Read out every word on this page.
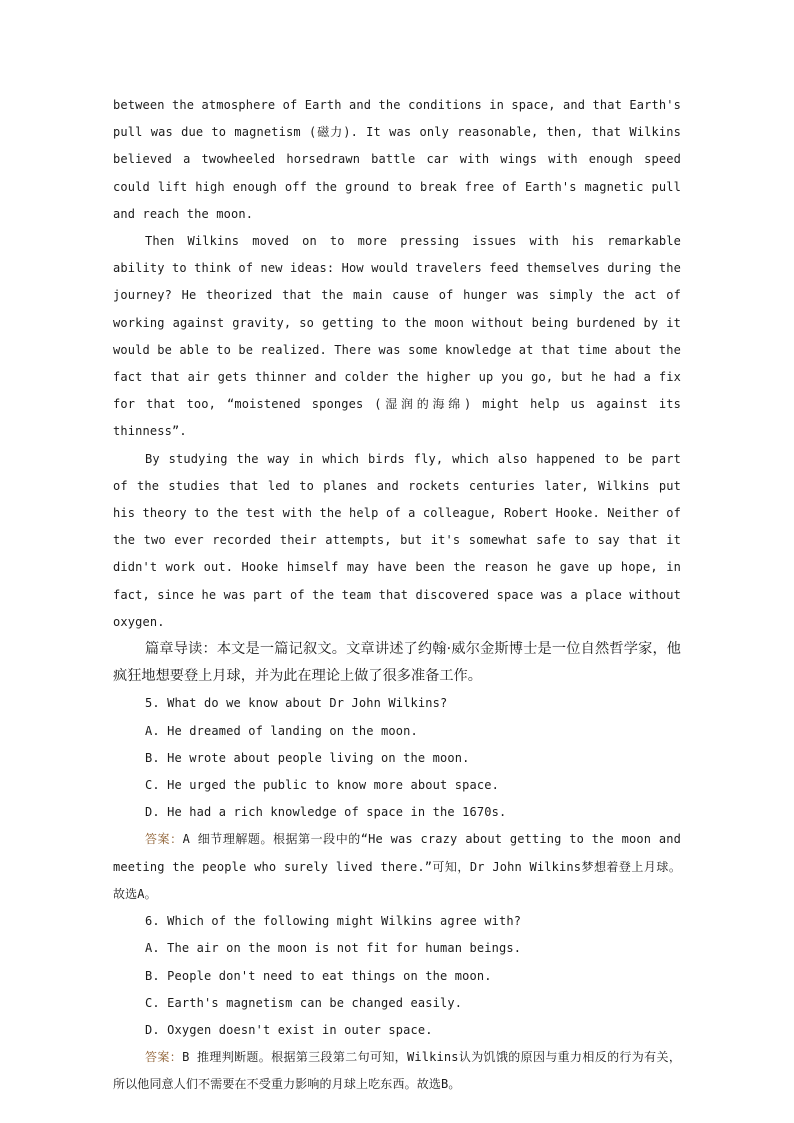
between the atmosphere of Earth and the conditions in space, and that Earth's pull was due to magnetism (磁力). It was only reasonable, then, that Wilkins believed a twowheeled horsedrawn battle car with wings with enough speed could lift high enough off the ground to break free of Earth's magnetic pull and reach the moon.

Then Wilkins moved on to more pressing issues with his remarkable ability to think of new ideas: How would travelers feed themselves during the journey? He theorized that the main cause of hunger was simply the act of working against gravity, so getting to the moon without being burdened by it would be able to be realized. There was some knowledge at that time about the fact that air gets thinner and colder the higher up you go, but he had a fix for that too, “moistened sponges (湿润的海绵) might help us against its thinness”.

By studying the way in which birds fly, which also happened to be part of the studies that led to planes and rockets centuries later, Wilkins put his theory to the test with the help of a colleague, Robert Hooke. Neither of the two ever recorded their attempts, but it's somewhat safe to say that it didn't work out. Hooke himself may have been the reason he gave up hope, in fact, since he was part of the team that discovered space was a place without oxygen.

篇章导读：本文是一篇记叙文。文章讲述了约翰·威尔金斯博士是一位自然哲学家，他疯狂地想要登上月球，并为此在理论上做了很多准备工作。

5. What do we know about Dr John Wilkins?

A. He dreamed of landing on the moon.

B. He wrote about people living on the moon.

C. He urged the public to know more about space.

D. He had a rich knowledge of space in the 1670s.

答案：A 细节理解题。根据第一段中的“He was crazy about getting to the moon and meeting the people who surely lived there.”可知，Dr John Wilkins梦想着登上月球。故选A。

6. Which of the following might Wilkins agree with?

A. The air on the moon is not fit for human beings.

B. People don't need to eat things on the moon.

C. Earth's magnetism can be changed easily.

D. Oxygen doesn't exist in outer space.

答案：B 推理判断题。根据第三段第二句可知，Wilkins认为饥饿的原因与重力相反的行为有关，所以他同意人们不需要在不受重力影响的月球上吃东西。故选B。
